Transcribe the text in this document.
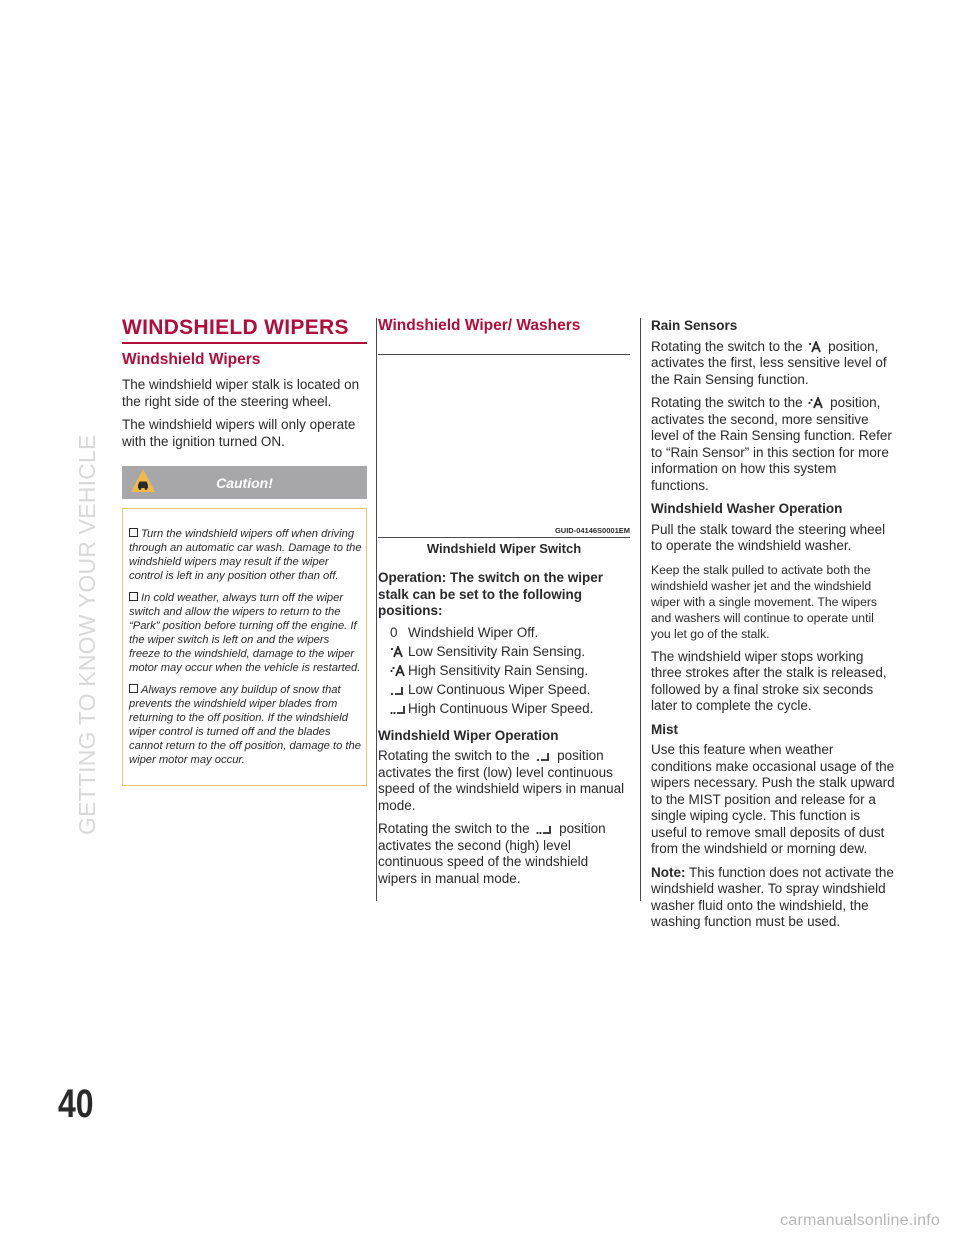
GETTING TO KNOW YOUR VEHICLE
40
WINDSHIELD WIPERS
Windshield Wipers

The windshield wiper stalk is located on the right side of the steering wheel.

The windshield wipers will only operate with the ignition turned ON.

Caution!

Turn the windshield wipers off when driving through an automatic car wash. Damage to the windshield wipers may result if the wiper control is left in any position other than off.

In cold weather, always turn off the wiper switch and allow the wipers to return to the “Park” position before turning off the engine. If the wiper switch is left on and the wipers freeze to the windshield, damage to the wiper motor may occur when the vehicle is restarted.

Always remove any buildup of snow that prevents the windshield wiper blades from returning to the off position. If the windshield wiper control is turned off and the blades cannot return to the off position, damage to the wiper motor may occur.

Windshield Wiper/ Washers
GUID-04146S0001EM
Windshield Wiper Switch

Operation: The switch on the wiper stalk can be set to the following positions:

0 Windshield Wiper Off.
Low Sensitivity Rain Sensing.
High Sensitivity Rain Sensing.
Low Continuous Wiper Speed.
High Continuous Wiper Speed.

Windshield Wiper Operation

Rotating the switch to the position activates the first (low) level continuous speed of the windshield wipers in manual mode.

Rotating the switch to the position activates the second (high) level continuous speed of the windshield wipers in manual mode.

Rain Sensors

Rotating the switch to the position, activates the first, less sensitive level of the Rain Sensing function.

Rotating the switch to the position, activates the second, more sensitive level of the Rain Sensing function. Refer to “Rain Sensor” in this section for more information on how this system functions.

Windshield Washer Operation

Pull the stalk toward the steering wheel to operate the windshield washer.

Keep the stalk pulled to activate both the windshield washer jet and the windshield wiper with a single movement. The wipers and washers will continue to operate until you let go of the stalk.

The windshield wiper stops working three strokes after the stalk is released, followed by a final stroke six seconds later to complete the cycle.

Mist

Use this feature when weather conditions make occasional usage of the wipers necessary. Push the stalk upward to the MIST position and release for a single wiping cycle. This function is useful to remove small deposits of dust from the windshield or morning dew.

Note: This function does not activate the windshield washer. To spray windshield washer fluid onto the windshield, the washing function must be used.

carmanualsonline.info
